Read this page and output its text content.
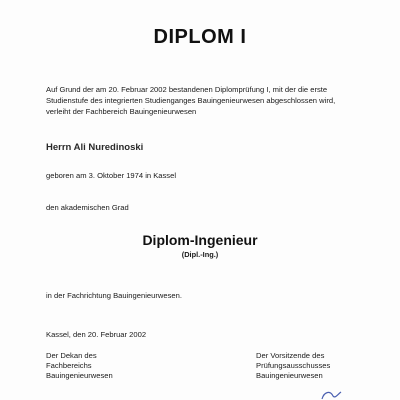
DIPLOM I
Auf Grund der am 20. Februar 2002 bestandenen Diplomprüfung I, mit der die erste
Studienstufe des integrierten Studienganges Bauingenieurwesen abgeschlossen wird,
verleiht der Fachbereich Bauingenieurwesen
Herrn Ali Nuredinoski
geboren am 3. Oktober 1974 in Kassel
den akademischen Grad
Diplom-Ingenieur
(Dipl.-Ing.)
in der Fachrichtung Bauingenieurwesen.
Kassel, den 20. Februar 2002
Der Dekan des
Fachbereichs
Bauingenieurwesen
Der Vorsitzende des
Prüfungsausschusses
Bauingenieurwesen
